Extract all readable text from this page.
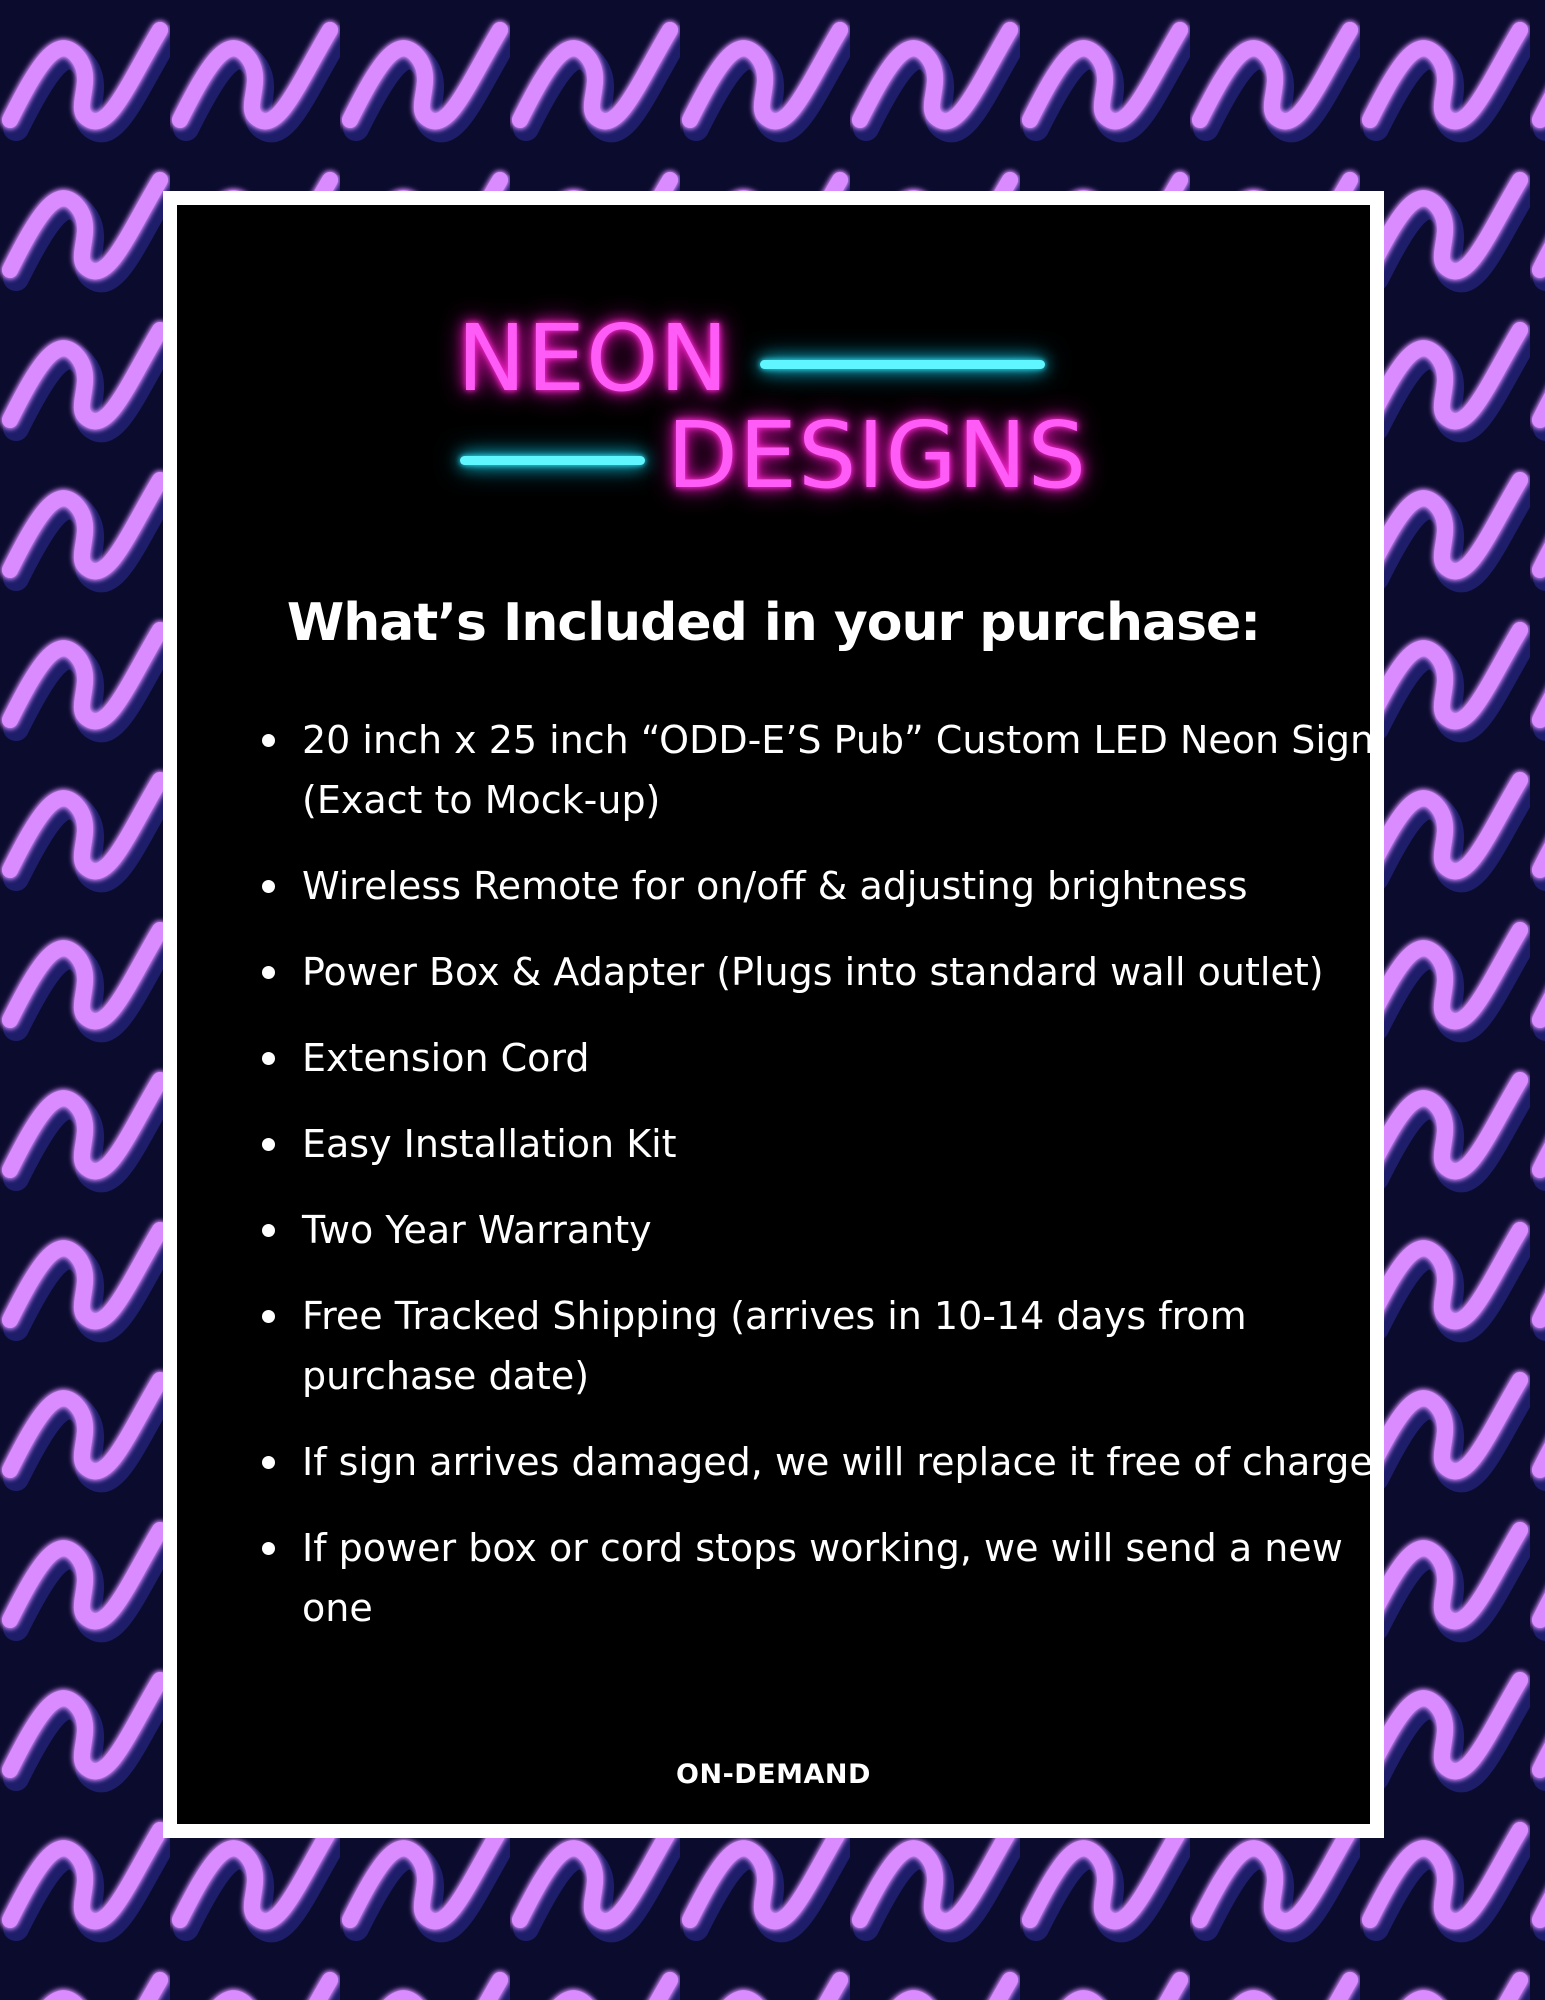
NEON
DESIGNS
What’s Included in your purchase:
20 inch x 25 inch “ODD-E’S Pub” Custom LED Neon Sign (Exact to Mock-up)
Wireless Remote for on/off & adjusting brightness
Power Box & Adapter (Plugs into standard wall outlet)
Extension Cord
Easy Installation Kit
Two Year Warranty
Free Tracked Shipping (arrives in 10-14 days from purchase date)
If sign arrives damaged, we will replace it free of charge
If power box or cord stops working, we will send a new one

ON-DEMAND
